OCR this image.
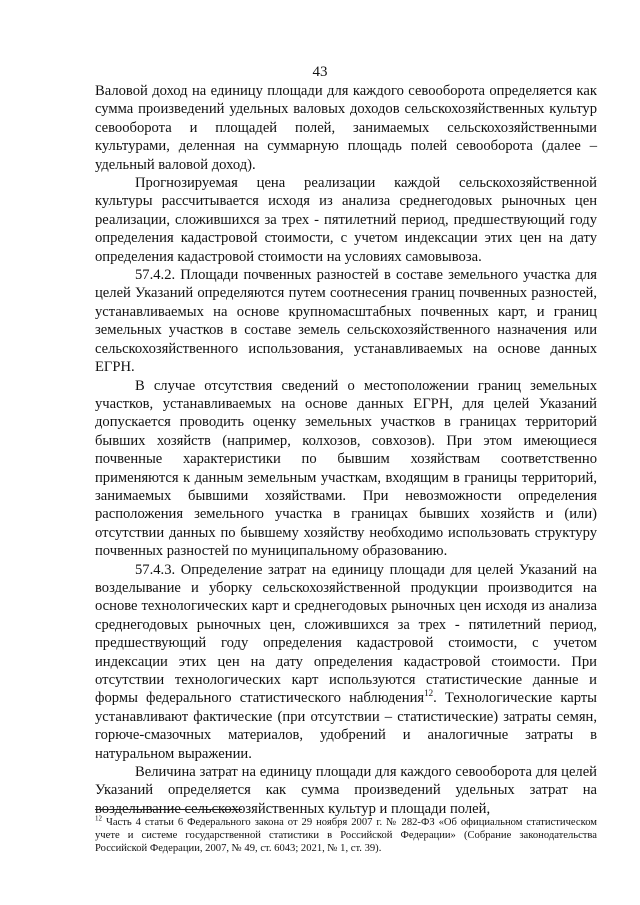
43

Валовой доход на единицу площади для каждого севооборота определяется как сумма произведений удельных валовых доходов сельскохозяйственных культур севооборота и площадей полей, занимаемых сельскохозяйственными культурами, деленная на суммарную площадь полей севооборота (далее – удельный валовой доход).

Прогнозируемая цена реализации каждой сельскохозяйственной культуры рассчитывается исходя из анализа среднегодовых рыночных цен реализации, сложившихся за трех - пятилетний период, предшествующий году определения кадастровой стоимости, с учетом индексации этих цен на дату определения кадастровой стоимости на условиях самовывоза.

57.4.2. Площади почвенных разностей в составе земельного участка для целей Указаний определяются путем соотнесения границ почвенных разностей, устанавливаемых на основе крупномасштабных почвенных карт, и границ земельных участков в составе земель сельскохозяйственного назначения или сельскохозяйственного использования, устанавливаемых на основе данных ЕГРН.

В случае отсутствия сведений о местоположении границ земельных участков, устанавливаемых на основе данных ЕГРН, для целей Указаний допускается проводить оценку земельных участков в границах территорий бывших хозяйств (например, колхозов, совхозов). При этом имеющиеся почвенные характеристики по бывшим хозяйствам соответственно применяются к данным земельным участкам, входящим в границы территорий, занимаемых бывшими хозяйствами. При невозможности определения расположения земельного участка в границах бывших хозяйств и (или) отсутствии данных по бывшему хозяйству необходимо использовать структуру почвенных разностей по муниципальному образованию.

57.4.3. Определение затрат на единицу площади для целей Указаний на возделывание и уборку сельскохозяйственной продукции производится на основе технологических карт и среднегодовых рыночных цен исходя из анализа среднегодовых рыночных цен, сложившихся за трех - пятилетний период, предшествующий году определения кадастровой стоимости, с учетом индексации этих цен на дату определения кадастровой стоимости. При отсутствии технологических карт используются статистические данные и формы федерального статистического наблюдения$^{12}$. Технологические карты устанавливают фактические (при отсутствии – статистические) затраты семян, горюче-смазочных материалов, удобрений и аналогичные затраты в натуральном выражении.

Величина затрат на единицу площади для каждого севооборота для целей Указаний определяется как сумма произведений удельных затрат на возделывание сельскохозяйственных культур и площади полей,

$^{12}$ Часть 4 статьи 6 Федерального закона от 29 ноября 2007 г. № 282-ФЗ «Об официальном статистическом учете и системе государственной статистики в Российской Федерации» (Собрание законодательства Российской Федерации, 2007, № 49, ст. 6043; 2021, № 1, ст. 39).
